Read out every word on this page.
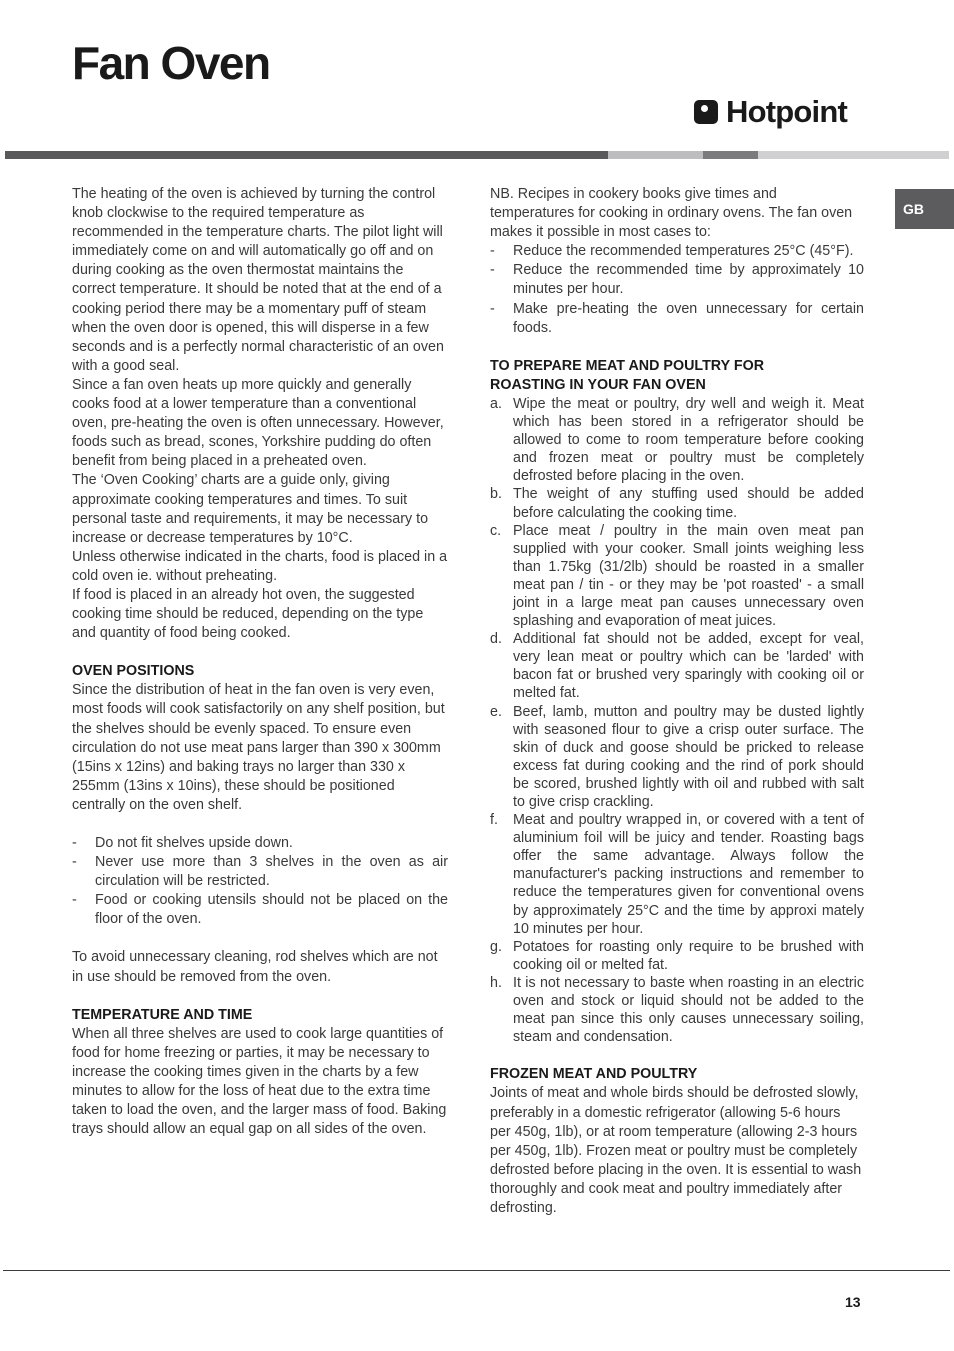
Fan Oven
Hotpoint
GB

The heating of the oven is achieved by turning the control knob clockwise to the required temperature as recommended in the temperature charts. The pilot light will immediately come on and will automatically go off and on during cooking as the oven thermostat maintains the correct temperature. It should be noted that at the end of a cooking period there may be a momentary puff of steam when the oven door is opened, this will disperse in a few seconds and is a perfectly normal characteristic of an oven with a good seal.

Since a fan oven heats up more quickly and generally cooks food at a lower temperature than a conventional oven, pre-heating the oven is often unnecessary. However, foods such as bread, scones, Yorkshire pudding do often benefit from being placed in a preheated oven.

The ‘Oven Cooking’ charts are a guide only, giving approximate cooking temperatures and times. To suit personal taste and requirements, it may be necessary to increase or decrease temperatures by 10°C.

Unless otherwise indicated in the charts, food is placed in a cold oven ie. without preheating.

If food is placed in an already hot oven, the suggested cooking time should be reduced, depending on the type and quantity of food being cooked.

OVEN POSITIONS

Since the distribution of heat in the fan oven is very even, most foods will cook satisfactorily on any shelf position, but the shelves should be evenly spaced. To ensure even circulation do not use meat pans larger than 390 x 300mm (15ins x 12ins) and baking trays no larger than 330 x 255mm (13ins x 10ins), these should be positioned centrally on the oven shelf.

-	Do not fit shelves upside down.
-	Never use more than 3 shelves in the oven as air circulation will be restricted.
-	Food or cooking utensils should not be placed on the floor of the oven.

To avoid unnecessary cleaning, rod shelves which are not in use should be removed from the oven.

TEMPERATURE AND TIME

When all three shelves are used to cook large quantities of food for home freezing or parties, it may be necessary to increase the cooking times given in the charts by a few minutes to allow for the loss of heat due to the extra time taken to load the oven, and the larger mass of food. Baking trays should allow an equal gap on all sides of the oven.

NB. Recipes in cookery books give times and temperatures for cooking in ordinary ovens. The fan oven makes it possible in most cases to:

-	Reduce the recommended temperatures 25°C (45°F).
-	Reduce the recommended time by approximately 10 minutes per hour.
-	Make pre-heating the oven unnecessary for certain foods.
TO PREPARE MEAT AND POULTRY FOR
ROASTING IN YOUR FAN OVEN
a. Wipe the meat or poultry, dry well and weigh it. Meat which has been stored in a refrigerator should be allowed to come to room temperature before cooking and frozen meat or poultry must be completely defrosted before placing in the oven.
b. The weight of any stuffing used should be added before calculating the cooking time.
c. Place meat / poultry in the main oven meat pan supplied with your cooker. Small joints weighing less than 1.75kg (31/2lb) should be roasted in a smaller meat pan / tin - or they may be 'pot roasted' - a small joint in a large meat pan causes unnecessary oven splashing and evaporation of meat juices.
d. Additional fat should not be added, except for veal, very lean meat or poultry which can be 'larded' with bacon fat or brushed very sparingly with cooking oil or melted fat.
e. Beef, lamb, mutton and poultry may be dusted lightly with seasoned flour to give a crisp outer surface. The skin of duck and goose should be pricked to release excess fat during cooking and the rind of pork should be scored, brushed lightly with oil and rubbed with salt to give crisp crackling.
f.	Meat and poultry wrapped in, or covered with a tent of aluminium foil will be juicy and tender. Roasting bags offer the same advantage. Always follow the manufacturer's packing instructions and remember to reduce the temperatures given for conventional ovens by approximately 25°C and the time by approxi mately 10 minutes per hour.
g. Potatoes for roasting only require to be brushed with cooking oil or melted fat.
h. It is not necessary to baste when roasting in an electric oven and stock or liquid should not be added to the meat pan since this only causes unnecessary soiling, steam and condensation.
FROZEN MEAT AND POULTRY

Joints of meat and whole birds should be defrosted slowly, preferably in a domestic refrigerator (allowing 5-6 hours per 450g, 1lb), or at room temperature (allowing 2-3 hours per 450g, 1lb). Frozen meat or poultry must be completely defrosted before placing in the oven. It is essential to wash thoroughly and cook meat and poultry immediately after defrosting.

13
